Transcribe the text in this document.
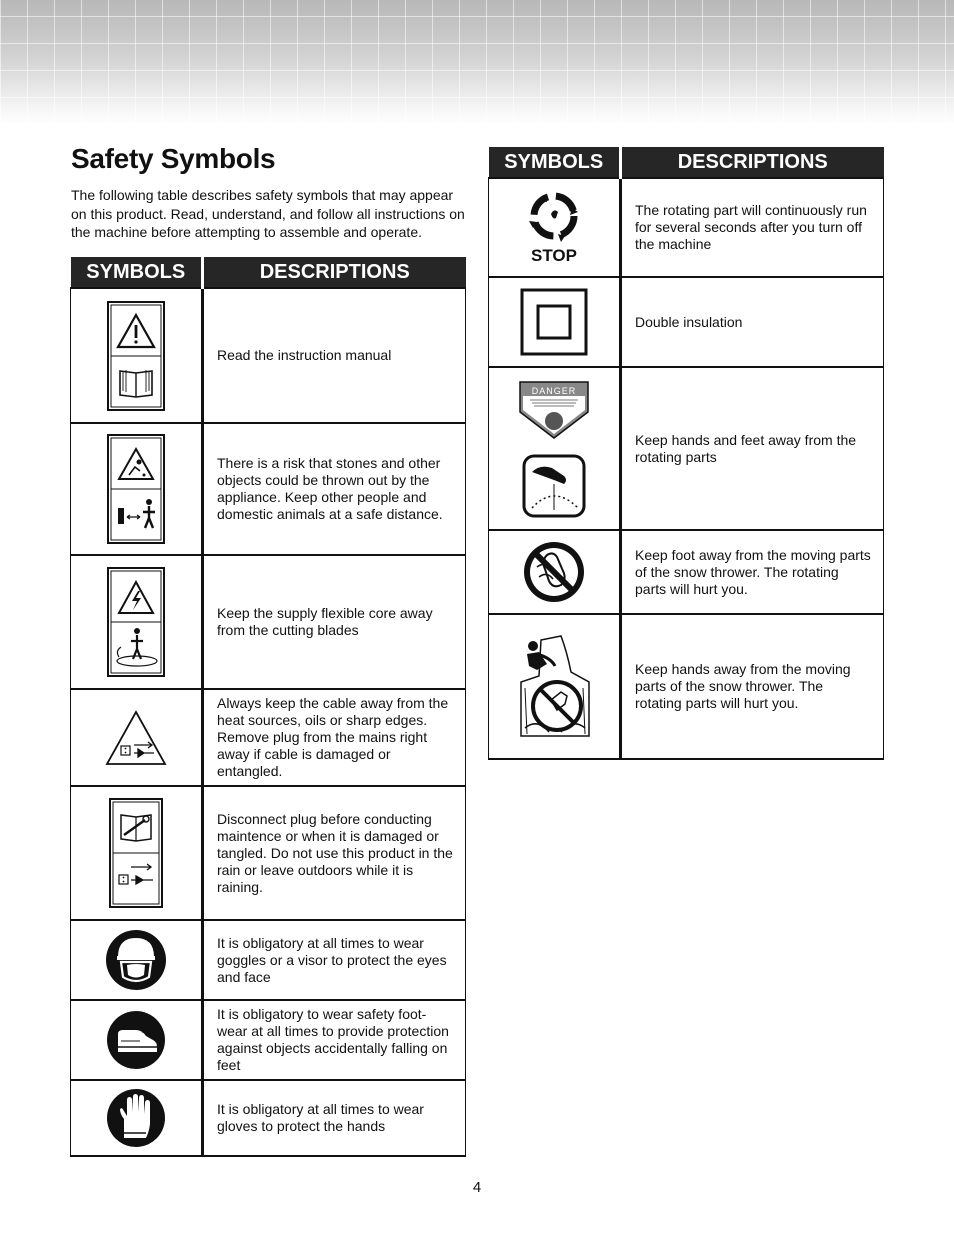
Safety Symbols

The following table describes safety symbols that may appear on this product. Read, understand, and follow all instructions on the machine before attempting to assemble and operate.

SYMBOLS	DESCRIPTIONS
	Read the instruction manual
	There is a risk that stones and other objects could be thrown out by the appliance. Keep other people and domestic animals at a safe distance.
	Keep the supply flexible core away from the cutting blades
	Always keep the cable away from the heat sources, oils or sharp edges. Remove plug from the mains right away if cable is damaged or entangled.
	Disconnect plug before conducting maintence or when it is damaged or tangled. Do not use this product in the rain or leave outdoors while it is raining.
	It is obligatory at all times to wear goggles or a visor to protect the eyes and face
	It is obligatory to wear safety foot-wear at all times to provide protection against objects accidentally falling on feet
	It is obligatory at all times to wear gloves to protect the hands
SYMBOLS	DESCRIPTIONS

STOP	The rotating part will continuously run for several seconds after you turn off the machine
	Double insulation

DANGER	Keep hands and feet away from the rotating parts
	Keep foot away from the moving parts of the snow thrower. The rotating parts will hurt you.
	Keep hands away from the moving parts of the snow thrower. The rotating parts will hurt you.
4
